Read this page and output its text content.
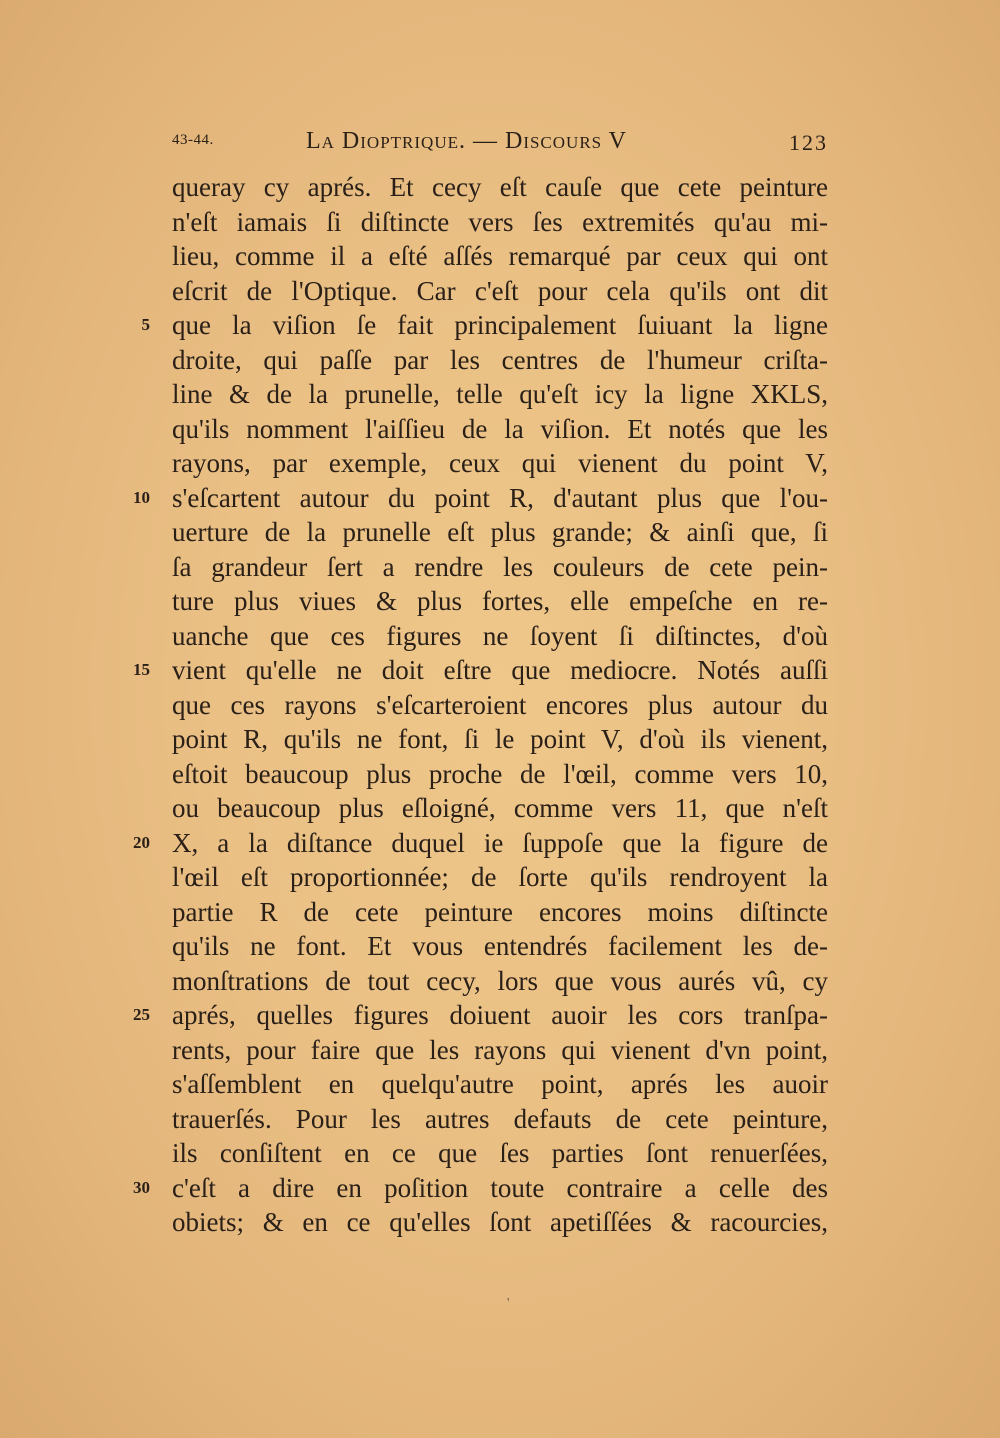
43-44.	La Dioptrique. — Discours V	123
5
10
15
20
25
30
queray cy aprés. Et cecy eſt cauſe que cete peinture
n'eſt iamais ſi diſtincte vers ſes extremités qu'au mi-
lieu, comme il a eſté aſſés remarqué par ceux qui ont
eſcrit de l'Optique. Car c'eſt pour cela qu'ils ont dit
que la viſion ſe fait principalement ſuiuant la ligne
droite, qui paſſe par les centres de l'humeur criſta-
line & de la prunelle, telle qu'eſt icy la ligne XKLS,
qu'ils nomment l'aiſſieu de la viſion. Et notés que les
rayons, par exemple, ceux qui vienent du point V,
s'eſcartent autour du point R, d'autant plus que l'ou-
uerture de la prunelle eſt plus grande; & ainſi que, ſi
ſa grandeur ſert a rendre les couleurs de cete pein-
ture plus viues & plus fortes, elle empeſche en re-
uanche que ces figures ne ſoyent ſi diſtinctes, d'où
vient qu'elle ne doit eſtre que mediocre. Notés auſſi
que ces rayons s'eſcarteroient encores plus autour du
point R, qu'ils ne font, ſi le point V, d'où ils vienent,
eſtoit beaucoup plus proche de l'œil, comme vers 10,
ou beaucoup plus eſloigné, comme vers 11, que n'eſt
X, a la diſtance duquel ie ſuppoſe que la figure de
l'œil eſt proportionnée; de ſorte qu'ils rendroyent la
partie R de cete peinture encores moins diſtincte
qu'ils ne font. Et vous entendrés facilement les de-
monſtrations de tout cecy, lors que vous aurés vû, cy
aprés, quelles figures doiuent auoir les cors tranſpa-
rents, pour faire que les rayons qui vienent d'vn point,
s'aſſemblent en quelqu'autre point, aprés les auoir
trauerſés. Pour les autres defauts de cete peinture,
ils conſiſtent en ce que ſes parties ſont renuerſées,
c'eſt a dire en poſition toute contraire a celle des
obiets; & en ce qu'elles ſont apetiſſées & racourcies,
'
